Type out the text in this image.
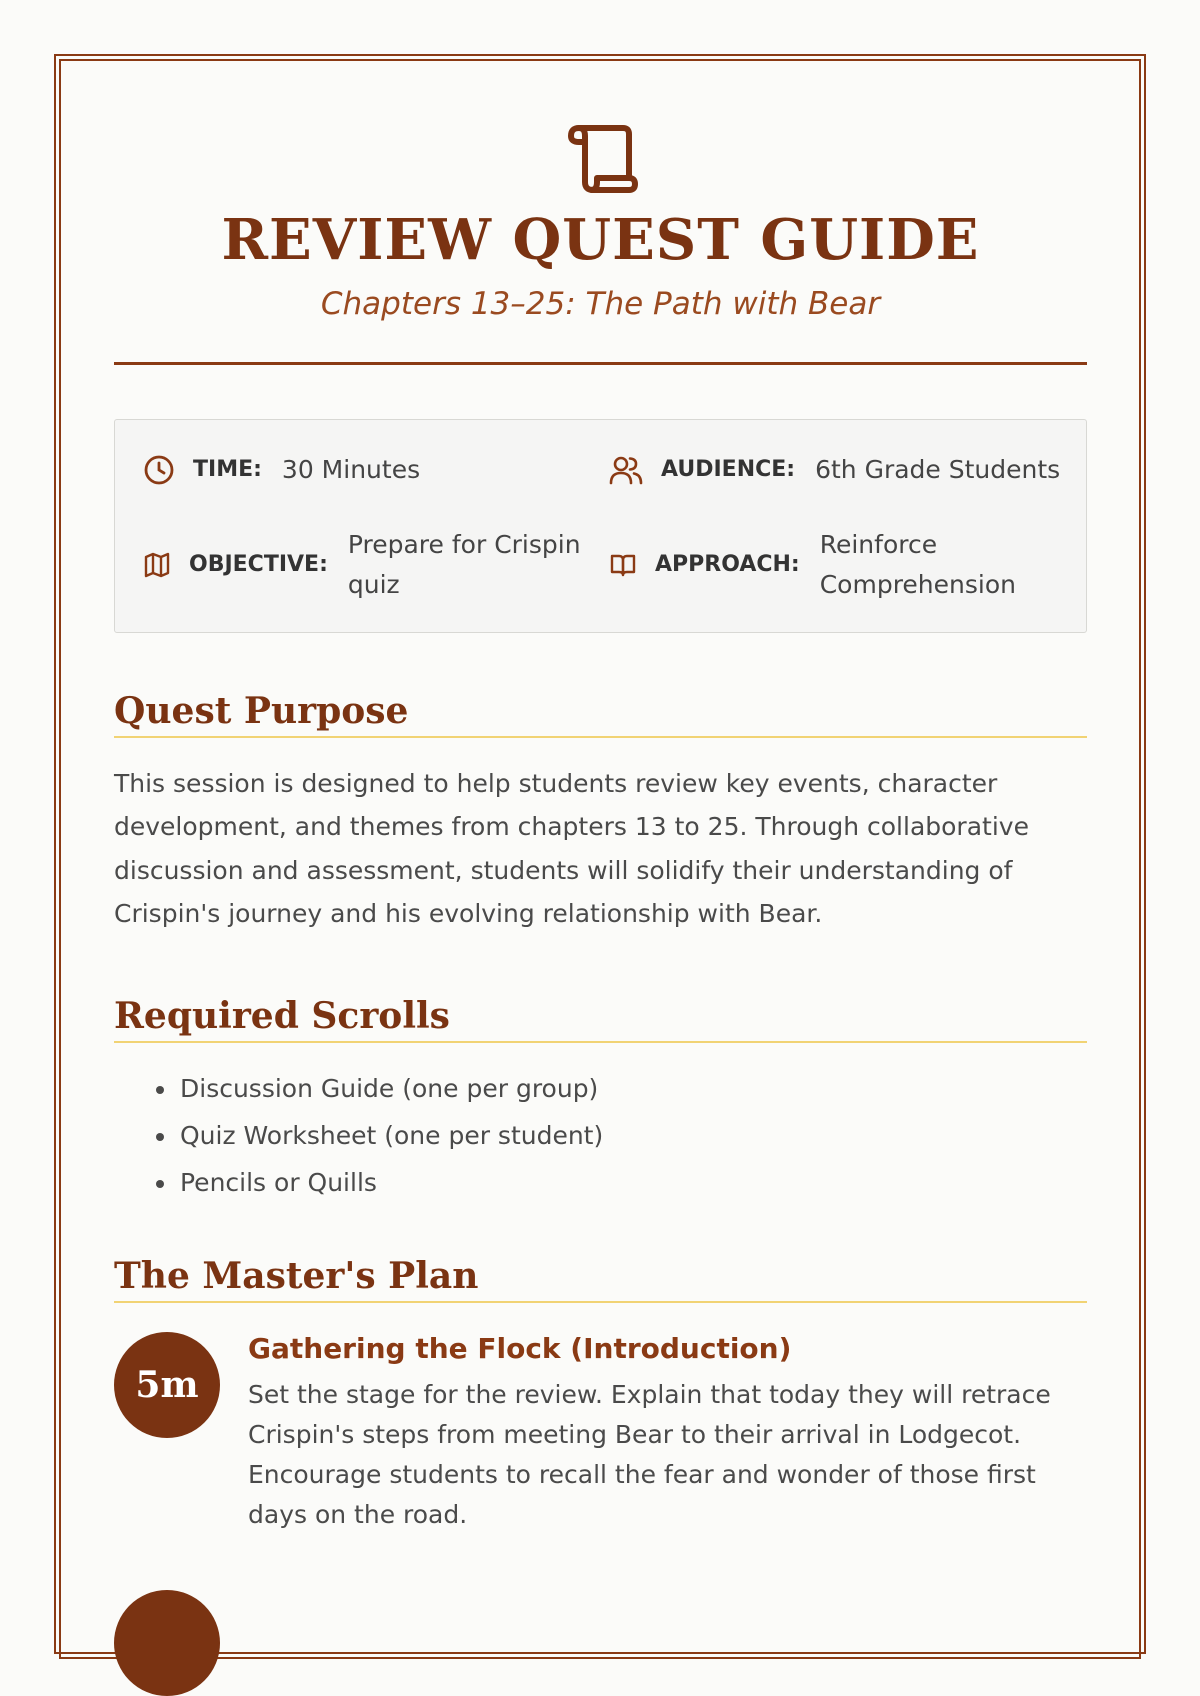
REVIEW QUEST GUIDE

Chapters 13–25: The Path with Bear

TIME: 30 Minutes	AUDIENCE: 6th Grade Students
OBJECTIVE:
Prepare for Crispin
quiz
APPROACH:
Reinforce
Comprehension
Quest Purpose

This session is designed to help students review key events, character development, and themes from chapters 13 to 25. Through collaborative discussion and assessment, students will solidify their understanding of Crispin's journey and his evolving relationship with Bear.

Required Scrolls
• Discussion Guide (one per group)
• Quiz Worksheet (one per student)
• Pencils or Quills
The Master's Plan
5m
Gathering the Flock (Introduction)
Set the stage for the review. Explain that today they will retrace Crispin's steps from meeting Bear to their arrival in Lodgecot. Encourage students to recall the fear and wonder of those first days on the road.
